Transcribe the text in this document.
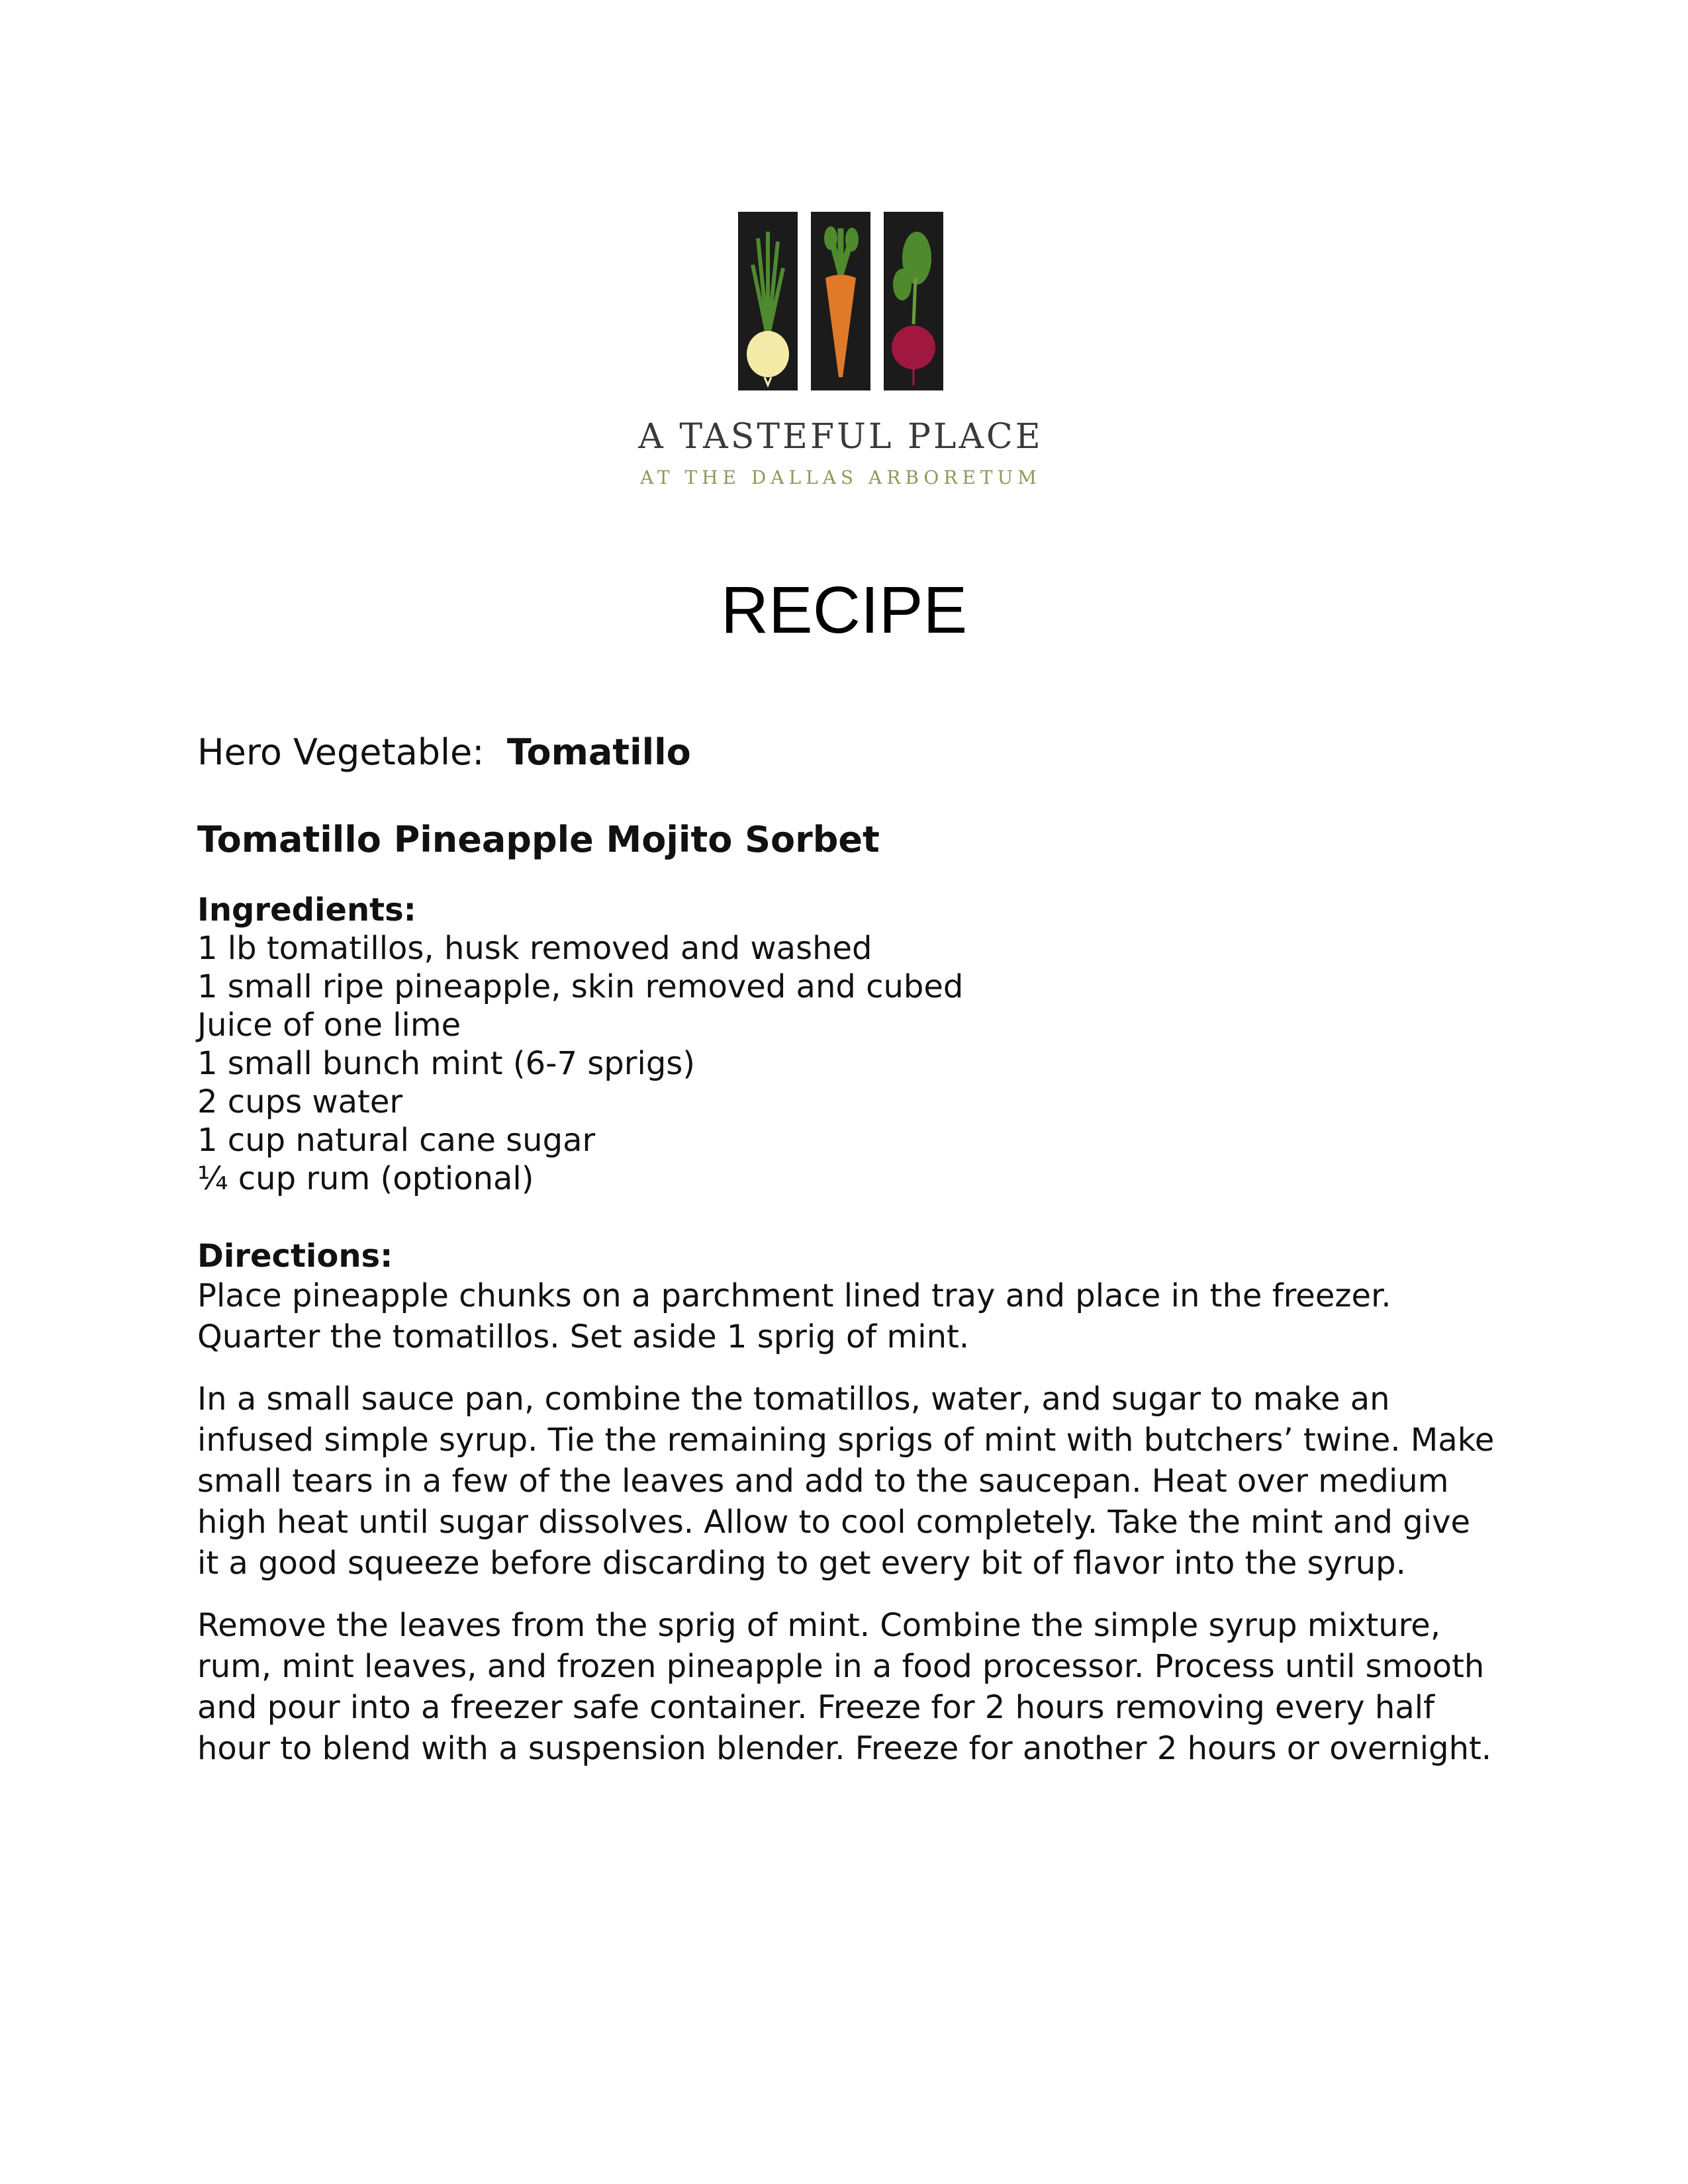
A TASTEFUL PLACE
AT THE DALLAS ARBORETUM
RECIPE
Hero Vegetable: Tomatillo
Tomatillo Pineapple Mojito Sorbet
Ingredients:
1 lb tomatillos, husk removed and washed
1 small ripe pineapple, skin removed and cubed
Juice of one lime
1 small bunch mint (6-7 sprigs)
2 cups water
1 cup natural cane sugar
¼ cup rum (optional)
Directions:

Place pineapple chunks on a parchment lined tray and place in the freezer. Quarter the tomatillos. Set aside 1 sprig of mint.

In a small sauce pan, combine the tomatillos, water, and sugar to make an infused simple syrup. Tie the remaining sprigs of mint with butchers’ twine. Make small tears in a few of the leaves and add to the saucepan. Heat over medium high heat until sugar dissolves. Allow to cool completely. Take the mint and give it a good squeeze before discarding to get every bit of flavor into the syrup.

Remove the leaves from the sprig of mint. Combine the simple syrup mixture, rum, mint leaves, and frozen pineapple in a food processor. Process until smooth and pour into a freezer safe container. Freeze for 2 hours removing every half hour to blend with a suspension blender. Freeze for another 2 hours or overnight.
